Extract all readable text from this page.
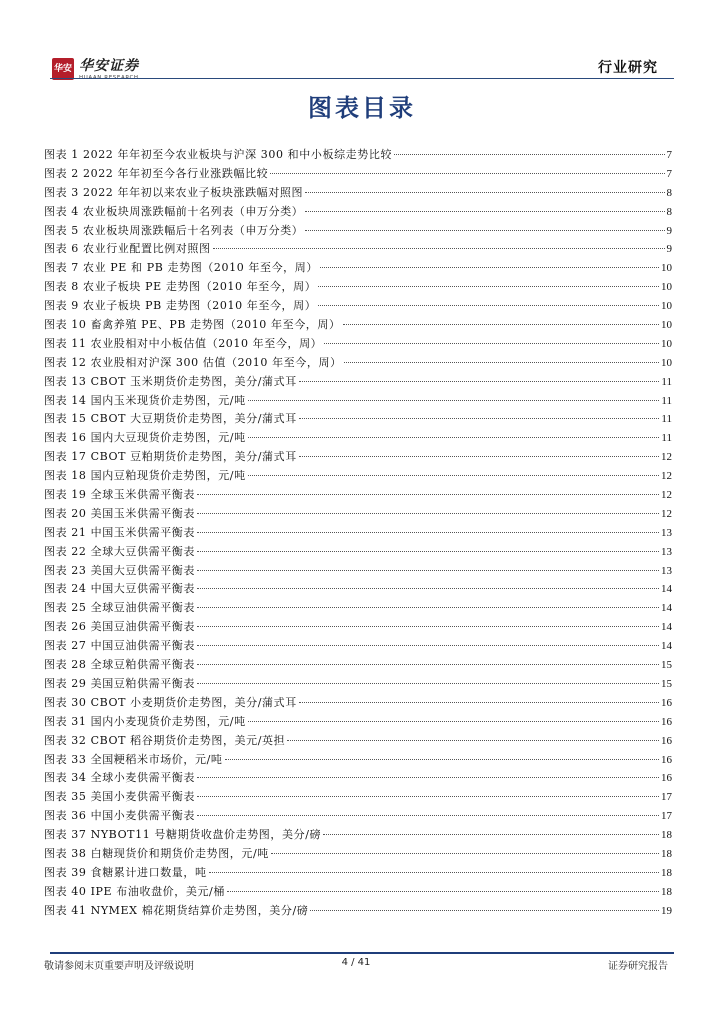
华安 华安证券
HUAAN RESEARCH
行业研究
图表目录
图表 1 2022 年年初至今农业板块与沪深 300 和中小板综走势比较	7
图表 2 2022 年年初至今各行业涨跌幅比较	7
图表 3 2022 年年初以来农业子板块涨跌幅对照图	8
图表 4 农业板块周涨跌幅前十名列表（申万分类）	8
图表 5 农业板块周涨跌幅后十名列表（申万分类）	9
图表 6 农业行业配置比例对照图	9
图表 7 农业 PE 和 PB 走势图（2010 年至今，周）	10
图表 8 农业子板块 PE 走势图（2010 年至今，周）	10
图表 9 农业子板块 PB 走势图（2010 年至今，周）	10
图表 10 畜禽养殖 PE、PB 走势图（2010 年至今，周）	10
图表 11 农业股相对中小板估值（2010 年至今，周）	10
图表 12 农业股相对沪深 300 估值（2010 年至今，周）	10
图表 13 CBOT 玉米期货价走势图，美分/蒲式耳	11
图表 14 国内玉米现货价走势图，元/吨	11
图表 15 CBOT 大豆期货价走势图，美分/蒲式耳	11
图表 16 国内大豆现货价走势图，元/吨	11
图表 17 CBOT 豆粕期货价走势图，美分/蒲式耳	12
图表 18 国内豆粕现货价走势图，元/吨	12
图表 19 全球玉米供需平衡表	12
图表 20 美国玉米供需平衡表	12
图表 21 中国玉米供需平衡表	13
图表 22 全球大豆供需平衡表	13
图表 23 美国大豆供需平衡表	13
图表 24 中国大豆供需平衡表	14
图表 25 全球豆油供需平衡表	14
图表 26 美国豆油供需平衡表	14
图表 27 中国豆油供需平衡表	14
图表 28 全球豆粕供需平衡表	15
图表 29 美国豆粕供需平衡表	15
图表 30 CBOT 小麦期货价走势图，美分/蒲式耳	16
图表 31 国内小麦现货价走势图，元/吨	16
图表 32 CBOT 稻谷期货价走势图，美元/英担	16
图表 33 全国粳稻米市场价，元/吨	16
图表 34 全球小麦供需平衡表	16
图表 35 美国小麦供需平衡表	17
图表 36 中国小麦供需平衡表	17
图表 37 NYBOT11 号糖期货收盘价走势图，美分/磅	18
图表 38 白糖现货价和期货价走势图，元/吨	18
图表 39 食糖累计进口数量，吨	18
图表 40 IPE 布油收盘价，美元/桶	18
图表 41 NYMEX 棉花期货结算价走势图，美分/磅	19
敬请参阅末页重要声明及评级说明	4 / 41	证券研究报告
